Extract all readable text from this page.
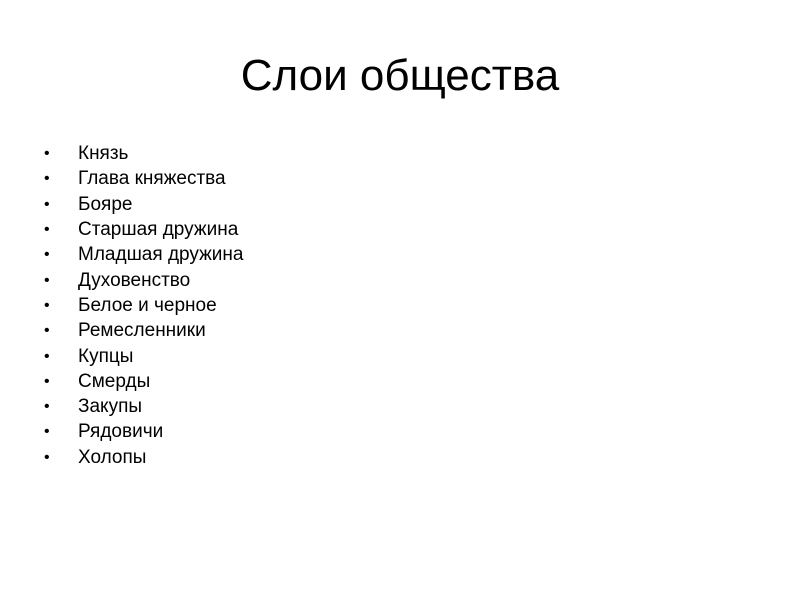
Слои общества
•	Князь
•	Глава княжества
•	Бояре
•	Старшая дружина
•	Младшая дружина
•	Духовенство
•	Белое и черное
•	Ремесленники
•	Купцы
•	Смерды
•	Закупы
•	Рядовичи
•	Холопы
